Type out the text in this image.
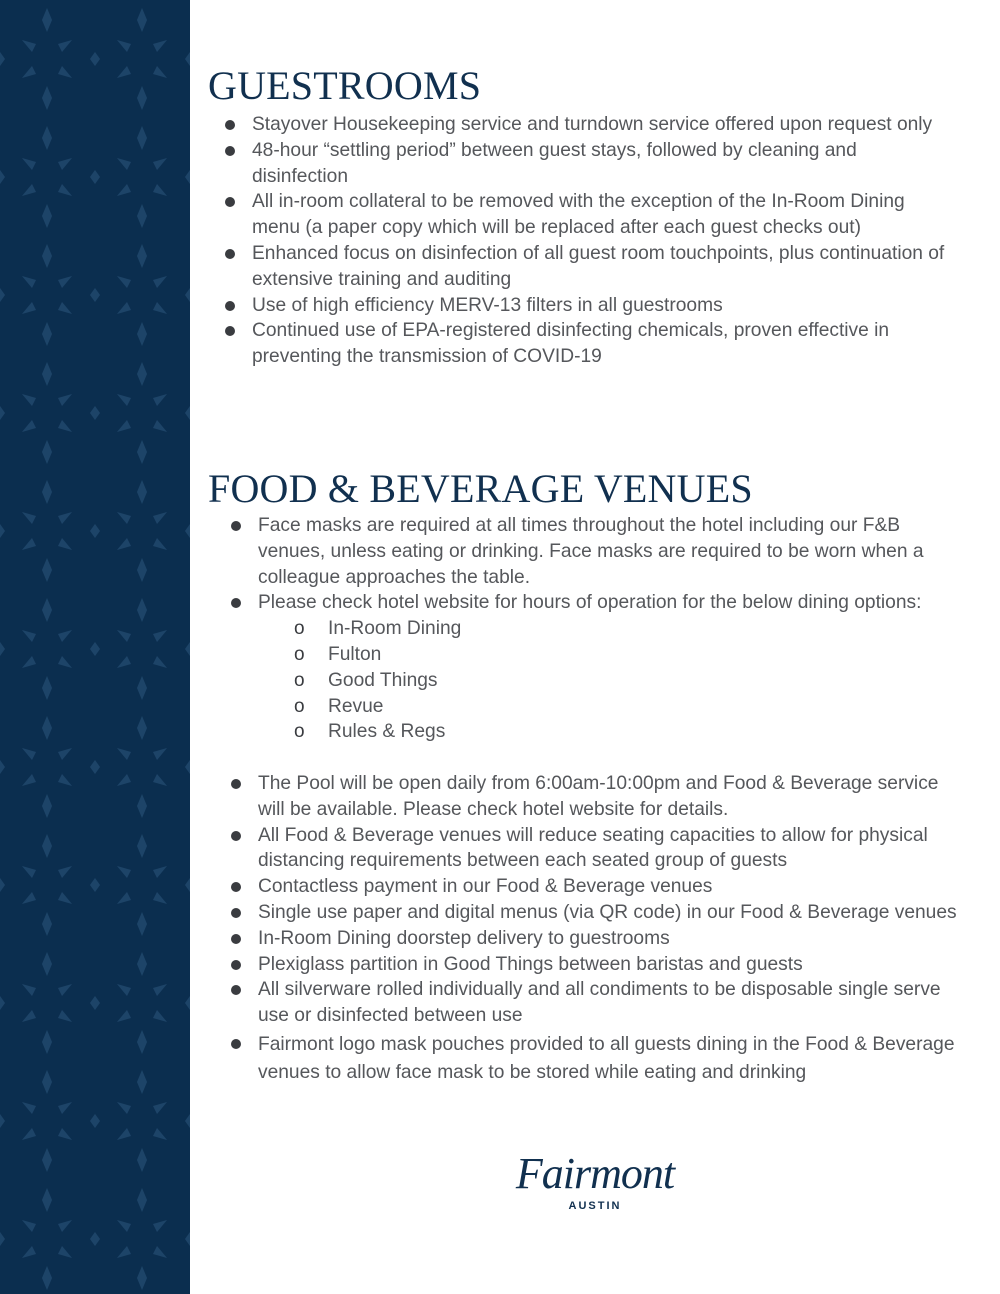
GUESTROOMS
Stayover Housekeeping service and turndown service offered upon request only
48-hour “settling period” between guest stays, followed by cleaning and disinfection
All in-room collateral to be removed with the exception of the In-Room Dining menu (a paper copy which will be replaced after each guest checks out)
Enhanced focus on disinfection of all guest room touchpoints, plus continuation of extensive training and auditing
Use of high efficiency MERV-13 filters in all guestrooms
Continued use of EPA-registered disinfecting chemicals, proven effective in preventing the transmission of COVID-19
FOOD & BEVERAGE VENUES
Face masks are required at all times throughout the hotel including our F&B venues, unless eating or drinking. Face masks are required to be worn when a colleague approaches the table.
Please check hotel website for hours of operation for the below dining options:
o In-Room Dining
o Fulton
o Good Things
o Revue
o Rules & Regs
The Pool will be open daily from 6:00am-10:00pm and Food & Beverage service will be available. Please check hotel website for details.
All Food & Beverage venues will reduce seating capacities to allow for physical distancing requirements between each seated group of guests
Contactless payment in our Food & Beverage venues
Single use paper and digital menus (via QR code) in our Food & Beverage venues
In-Room Dining doorstep delivery to guestrooms
Plexiglass partition in Good Things between baristas and guests
All silverware rolled individually and all condiments to be disposable single serve use or disinfected between use
Fairmont logo mask pouches provided to all guests dining in the Food & Beverage venues to allow face mask to be stored while eating and drinking
Fairmont
AUSTIN
